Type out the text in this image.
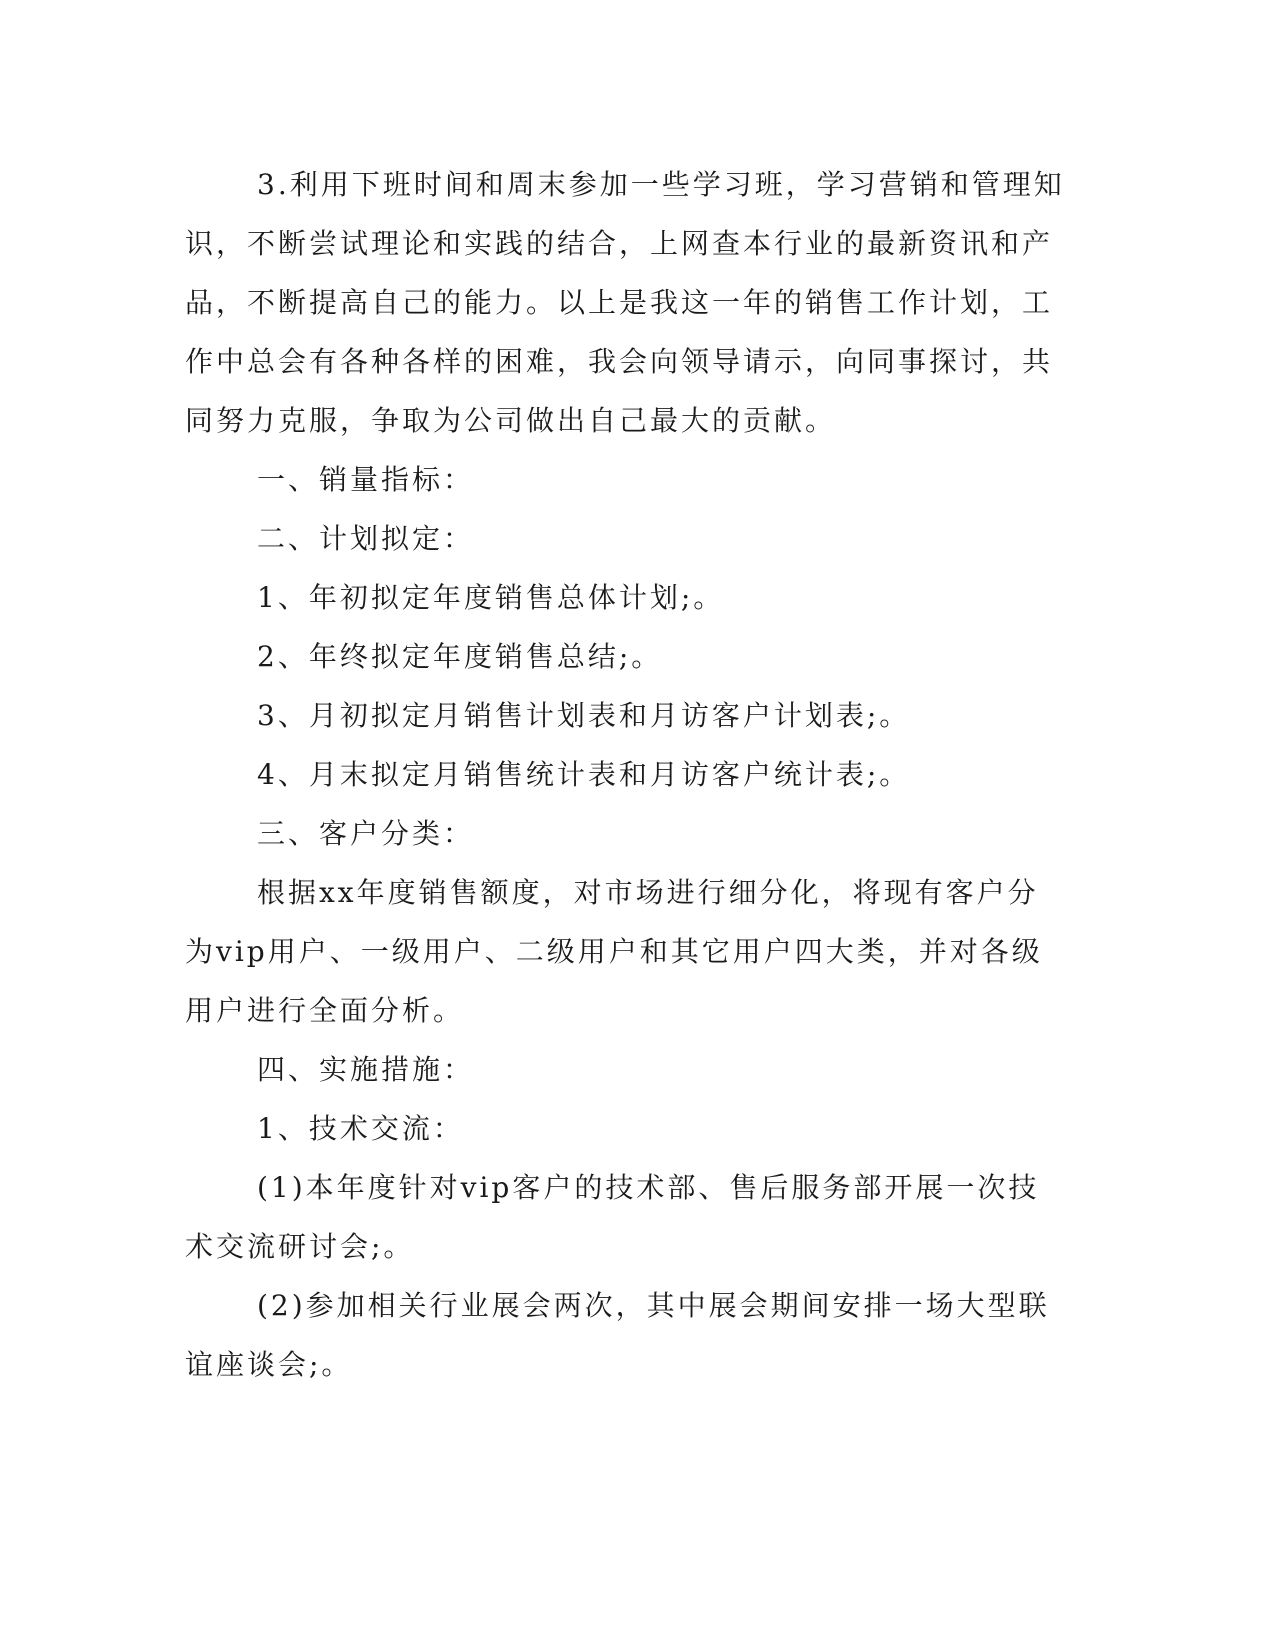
3.利用下班时间和周末参加一些学习班，学习营销和管理知识，不断尝试理论和实践的结合，上网查本行业的最新资讯和产品，不断提高自己的能力。以上是我这一年的销售工作计划，工作中总会有各种各样的困难，我会向领导请示，向同事探讨，共同努力克服，争取为公司做出自己最大的贡献。

一、销量指标：

二、计划拟定：

1、年初拟定年度销售总体计划;。

2、年终拟定年度销售总结;。

3、月初拟定月销售计划表和月访客户计划表;。

4、月末拟定月销售统计表和月访客户统计表;。

三、客户分类：

根据xx年度销售额度，对市场进行细分化，将现有客户分为vip用户、一级用户、二级用户和其它用户四大类，并对各级用户进行全面分析。

四、实施措施：

1、技术交流：

(1)本年度针对vip客户的技术部、售后服务部开展一次技术交流研讨会;。

(2)参加相关行业展会两次，其中展会期间安排一场大型联谊座谈会;。
